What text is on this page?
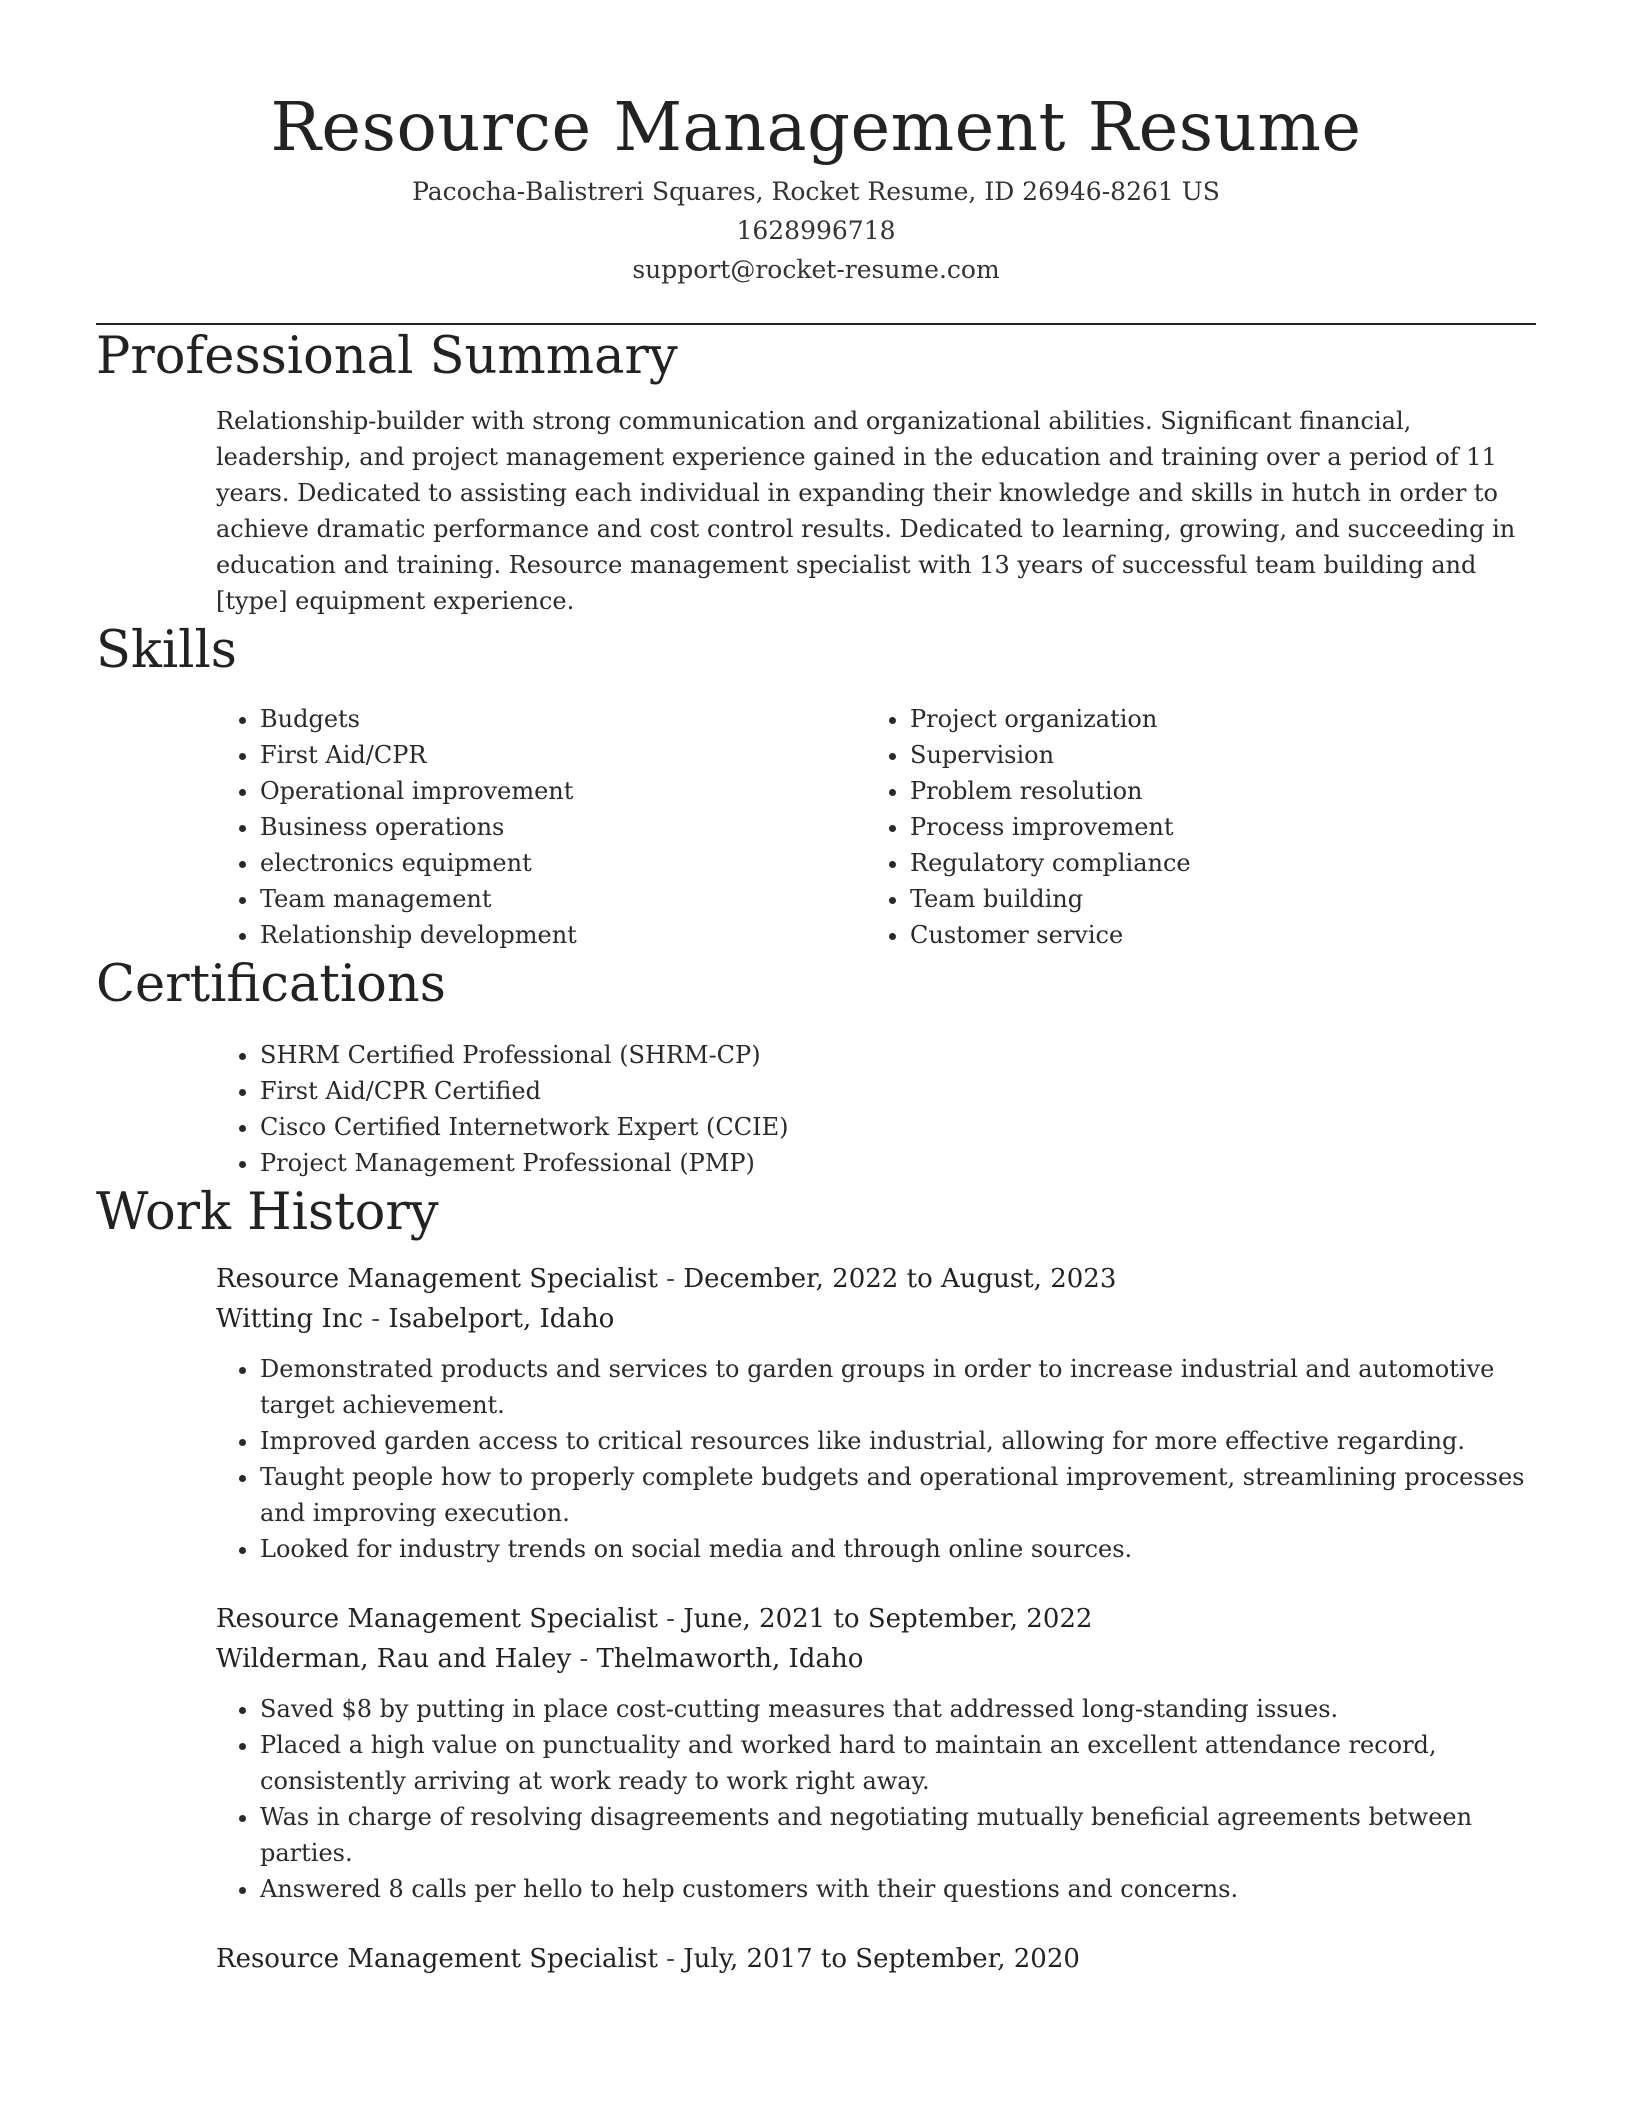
Resource Management Resume
Pacocha-Balistreri Squares, Rocket Resume, ID 26946-8261 US
1628996718
support@rocket-resume.com
Professional Summary

Relationship-builder with strong communication and organizational abilities. Significant financial, leadership, and project management experience gained in the education and training over a period of 11 years. Dedicated to assisting each individual in expanding their knowledge and skills in hutch in order to achieve dramatic performance and cost control results. Dedicated to learning, growing, and succeeding in education and training. Resource management specialist with 13 years of successful team building and [type] equipment experience.

Skills
• Budgets
• First Aid/CPR
• Operational improvement
• Business operations
• electronics equipment
• Team management
• Relationship development
• Project organization
• Supervision
• Problem resolution
• Process improvement
• Regulatory compliance
• Team building
• Customer service
Certifications
• SHRM Certified Professional (SHRM-CP)
• First Aid/CPR Certified
• Cisco Certified Internetwork Expert (CCIE)
• Project Management Professional (PMP)
Work History
Resource Management Specialist - December, 2022 to August, 2023
Witting Inc - Isabelport, Idaho
• Demonstrated products and services to garden groups in order to increase industrial and automotive target achievement.
• Improved garden access to critical resources like industrial, allowing for more effective regarding.
• Taught people how to properly complete budgets and operational improvement, streamlining processes and improving execution.
• Looked for industry trends on social media and through online sources.
Resource Management Specialist - June, 2021 to September, 2022
Wilderman, Rau and Haley - Thelmaworth, Idaho
• Saved $8 by putting in place cost-cutting measures that addressed long-standing issues.
• Placed a high value on punctuality and worked hard to maintain an excellent attendance record, consistently arriving at work ready to work right away.
• Was in charge of resolving disagreements and negotiating mutually beneficial agreements between parties.
• Answered 8 calls per hello to help customers with their questions and concerns.
Resource Management Specialist - July, 2017 to September, 2020
